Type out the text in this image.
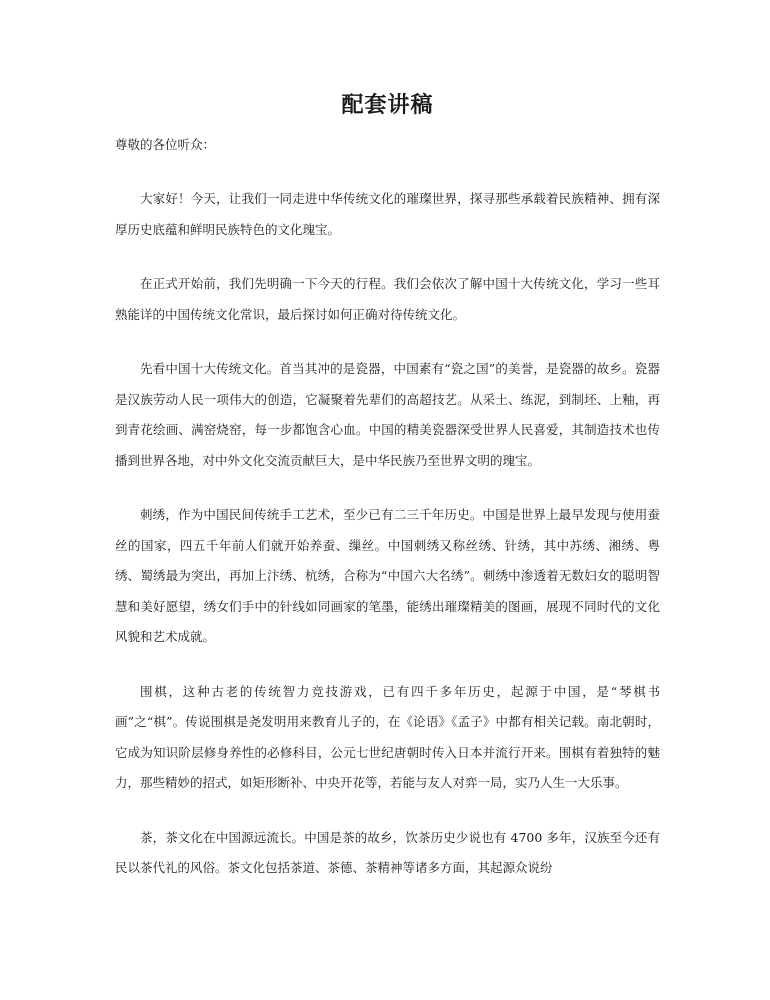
配套讲稿

尊敬的各位听众：

大家好！今天，让我们一同走进中华传统文化的璀璨世界，探寻那些承载着民族精神、拥有深厚历史底蕴和鲜明民族特色的文化瑰宝。

在正式开始前，我们先明确一下今天的行程。我们会依次了解中国十大传统文化，学习一些耳熟能详的中国传统文化常识，最后探讨如何正确对待传统文化。

先看中国十大传统文化。首当其冲的是瓷器，中国素有“瓷之国”的美誉，是瓷器的故乡。瓷器是汉族劳动人民一项伟大的创造，它凝聚着先辈们的高超技艺。从采土、练泥，到制坯、上釉，再到青花绘画、满窑烧窑，每一步都饱含心血。中国的精美瓷器深受世界人民喜爱，其制造技术也传播到世界各地，对中外文化交流贡献巨大，是中华民族乃至世界文明的瑰宝。

刺绣，作为中国民间传统手工艺术，至少已有二三千年历史。中国是世界上最早发现与使用蚕丝的国家，四五千年前人们就开始养蚕、缫丝。中国刺绣又称丝绣、针绣，其中苏绣、湘绣、粤绣、蜀绣最为突出，再加上汴绣、杭绣，合称为“中国六大名绣”。刺绣中渗透着无数妇女的聪明智慧和美好愿望，绣女们手中的针线如同画家的笔墨，能绣出璀璨精美的图画，展现不同时代的文化风貌和艺术成就。

围棋，这种古老的传统智力竞技游戏，已有四千多年历史，起源于中国，是“琴棋书画”之“棋”。传说围棋是尧发明用来教育儿子的，在《论语》《孟子》中都有相关记载。南北朝时，它成为知识阶层修身养性的必修科目，公元七世纪唐朝时传入日本并流行开来。围棋有着独特的魅力，那些精妙的招式，如矩形断补、中央开花等，若能与友人对弈一局，实乃人生一大乐事。

茶，茶文化在中国源远流长。中国是茶的故乡，饮茶历史少说也有 4700 多年，汉族至今还有民以茶代礼的风俗。茶文化包括茶道、茶德、茶精神等诸多方面，其起源众说纷
